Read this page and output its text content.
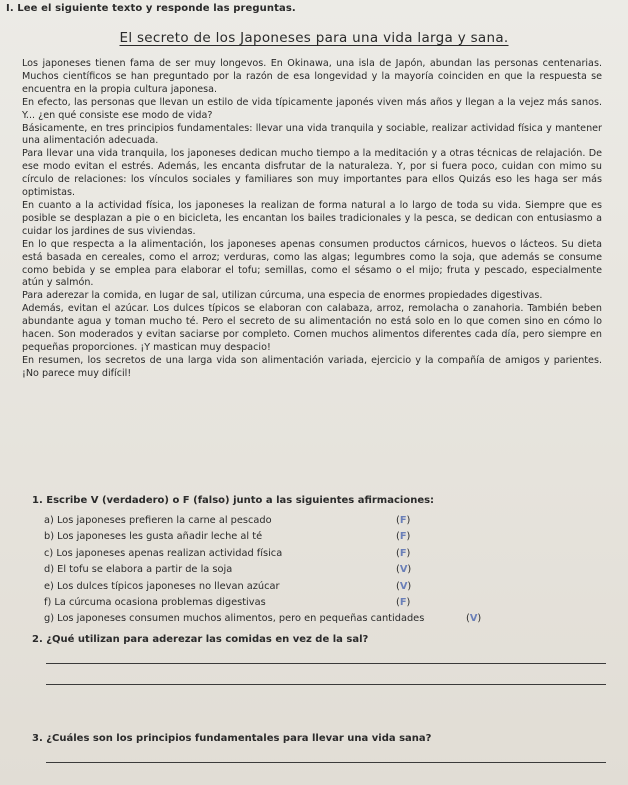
I. Lee el siguiente texto y responde las preguntas.
El secreto de los Japoneses para una vida larga y sana.

Los japoneses tienen fama de ser muy longevos. En Okinawa, una isla de Japón, abundan las personas centenarias. Muchos científicos se han preguntado por la razón de esa longevidad y la mayoría coinciden en que la respuesta se encuentra en la propia cultura japonesa.

En efecto, las personas que llevan un estilo de vida típicamente japonés viven más años y llegan a la vejez más sanos. Y... ¿en qué consiste ese modo de vida?

Básicamente, en tres principios fundamentales: llevar una vida tranquila y sociable, realizar actividad física y mantener una alimentación adecuada.

Para llevar una vida tranquila, los japoneses dedican mucho tiempo a la meditación y a otras técnicas de relajación. De ese modo evitan el estrés. Además, les encanta disfrutar de la naturaleza. Y, por si fuera poco, cuidan con mimo su círculo de relaciones: los vínculos sociales y familiares son muy importantes para ellos Quizás eso les haga ser más optimistas.

En cuanto a la actividad física, los japoneses la realizan de forma natural a lo largo de toda su vida. Siempre que es posible se desplazan a pie o en bicicleta, les encantan los bailes tradicionales y la pesca, se dedican con entusiasmo a cuidar los jardines de sus viviendas.

En lo que respecta a la alimentación, los japoneses apenas consumen productos cárnicos, huevos o lácteos. Su dieta está basada en cereales, como el arroz; verduras, como las algas; legumbres como la soja, que además se consume como bebida y se emplea para elaborar el tofu; semillas, como el sésamo o el mijo; fruta y pescado, especialmente atún y salmón.

Para aderezar la comida, en lugar de sal, utilizan cúrcuma, una especia de enormes propiedades digestivas.

Además, evitan el azúcar. Los dulces típicos se elaboran con calabaza, arroz, remolacha o zanahoria. También beben abundante agua y toman mucho té. Pero el secreto de su alimentación no está solo en lo que comen sino en cómo lo hacen. Son moderados y evitan saciarse por completo. Comen muchos alimentos diferentes cada día, pero siempre en pequeñas proporciones. ¡Y mastican muy despacio!

En resumen, los secretos de una larga vida son alimentación variada, ejercicio y la compañía de amigos y parientes. ¡No parece muy difícil!

1. Escribe V (verdadero) o F (falso) junto a las siguientes afirmaciones:
a) Los japoneses prefieren la carne al pescado	(F)
b) Los japoneses les gusta añadir leche al té	(F)
c) Los japoneses apenas realizan actividad física	(F)
d) El tofu se elabora a partir de la soja	(V)
e) Los dulces típicos japoneses no llevan azúcar	(V)
f) La cúrcuma ocasiona problemas digestivas	(F)
g) Los japoneses consumen muchos alimentos, pero en pequeñas cantidades	(V)
2. ¿Qué utilizan para aderezar las comidas en vez de la sal?
3. ¿Cuáles son los principios fundamentales para llevar una vida sana?
